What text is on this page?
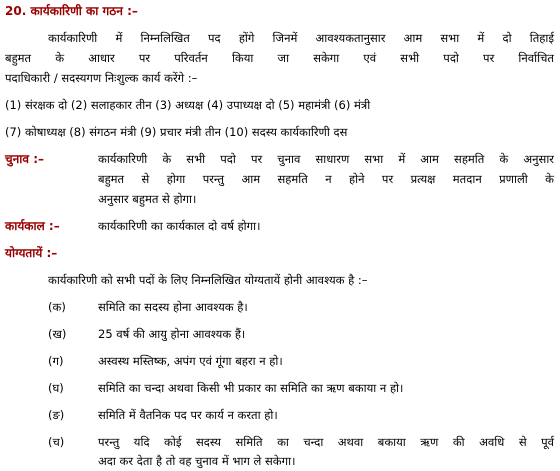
20. कार्यकारिणी का गठन :–
कार्यकारिणी में निम्नलिखित पद होंगे जिनमें आवश्यकतानुसार आम सभा में दो तिहाई
बहुमत के आधार पर परिवर्तन किया जा सकेगा एवं सभी पदो पर निर्वाचित
पदाधिकारी / सदस्यगण निःशुल्क कार्य करेंगे :–
(1) संरक्षक दो (2) सलाहकार तीन (3) अध्यक्ष (4) उपाध्यक्ष दो (5) महामंत्री (6) मंत्री
(7) कोषाध्यक्ष (8) संगठन मंत्री (9) प्रचार मंत्री तीन (10) सदस्य कार्यकारिणी दस
चुनाव :–	कार्यकारिणी के सभी पदो पर चुनाव साधारण सभा में आम सहमति के अनुसार
बहुमत से होगा परन्तु आम सहमति न होने पर प्रत्यक्ष मतदान प्रणाली के
अनुसार बहुमत से होगा।
कार्यकाल :–	कार्यकारिणी का कार्यकाल दो वर्ष होगा।
योग्यतायें :–
कार्यकारिणी को सभी पदों के लिए निम्नलिखित योग्यतायें होनी आवश्यक है :–
(क)	समिति का सदस्य होना आवश्यक है।
(ख)	25 वर्ष की आयु होना आवश्यक हैं।
(ग)	अस्वस्थ मस्तिष्क, अपंग एवं गूंगा बहरा न हो।
(घ)	समिति का चन्दा अथवा किसी भी प्रकार का समिति का ऋण बकाया न हो।
(ङ)	समिति में वैतनिक पद पर कार्य न करता हो।
(च)	परन्तु यदि कोई सदस्य समिति का चन्दा अथवा बकाया ऋण की अवधि से पूर्व
अदा कर देता है तो वह चुनाव में भाग ले सकेगा।
